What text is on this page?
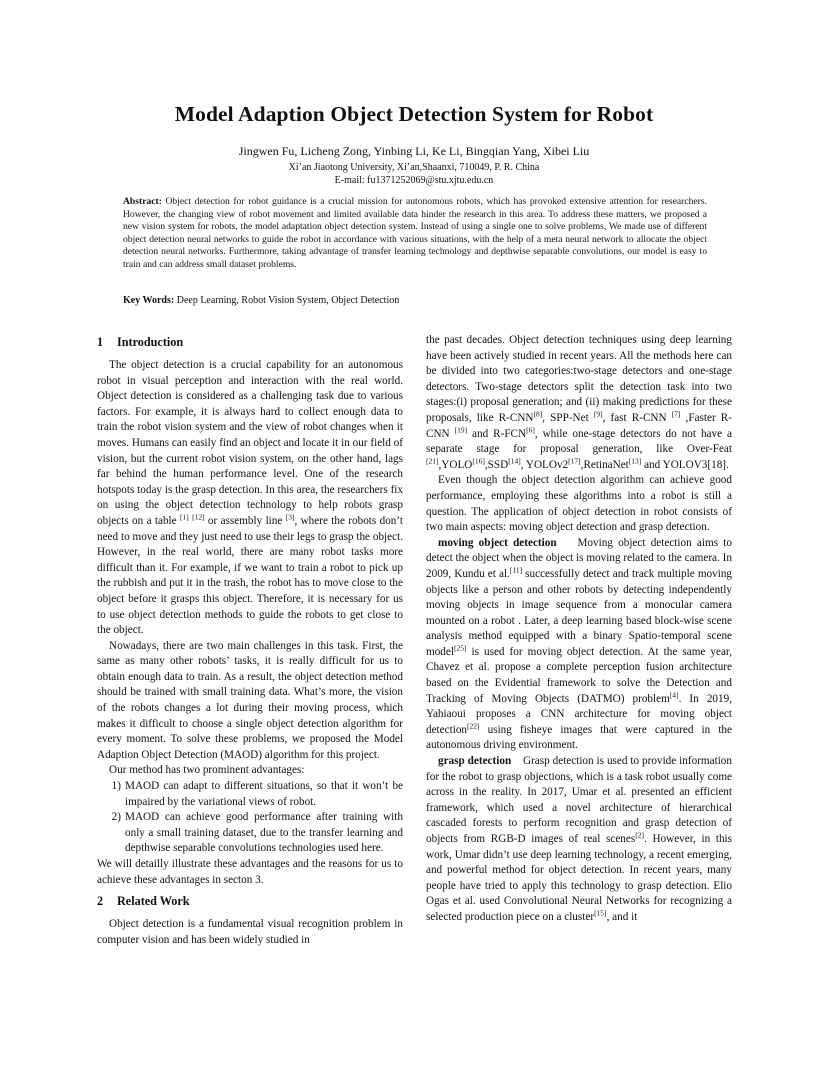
Model Adaption Object Detection System for Robot
Jingwen Fu, Licheng Zong, Yinbing Li, Ke Li, Bingqian Yang, Xibei Liu
Xi’an Jiaotong University, Xi’an,Shaanxi, 710049, P. R. China
E-mail: fu1371252069@stu.xjtu.edu.cn
Abstract: Object detection for robot guidance is a crucial mission for autonomous robots, which has provoked extensive attention for researchers. However, the changing view of robot movement and limited available data hinder the research in this area. To address these matters, we proposed a new vision system for robots, the model adaptation object detection system. Instead of using a single one to solve problems, We made use of different object detection neural networks to guide the robot in accordance with various situations, with the help of a meta neural network to allocate the object detection neural networks. Furthermore, taking advantage of transfer learning technology and depthwise separable convolutions, our model is easy to train and can address small dataset problems.
Key Words: Deep Learning, Robot Vision System, Object Detection
1 Introduction

The object detection is a crucial capability for an autonomous robot in visual perception and interaction with the real world. Object detection is considered as a challenging task due to various factors. For example, it is always hard to collect enough data to train the robot vision system and the view of robot changes when it moves. Humans can easily find an object and locate it in our field of vision, but the current robot vision system, on the other hand, lags far behind the human performance level. One of the research hotspots today is the grasp detection. In this area, the researchers fix on using the object detection technology to help robots grasp objects on a table [1] [12] or assembly line [3], where the robots don’t need to move and they just need to use their legs to grasp the object. However, in the real world, there are many robot tasks more difficult than it. For example, if we want to train a robot to pick up the rubbish and put it in the trash, the robot has to move close to the object before it grasps this object. Therefore, it is necessary for us to use object detection methods to guide the robots to get close to the object.

Nowadays, there are two main challenges in this task. First, the same as many other robots’ tasks, it is really difficult for us to obtain enough data to train. As a result, the object detection method should be trained with small training data. What’s more, the vision of the robots changes a lot during their moving process, which makes it difficult to choose a single object detection algorithm for every moment. To solve these problems, we proposed the Model Adaption Object Detection (MAOD) algorithm for this project.

Our method has two prominent advantages:

1) MAOD can adapt to different situations, so that it won’t be impaired by the variational views of robot.
2) MAOD can achieve good performance after training with only a small training dataset, due to the transfer learning and depthwise separable convolutions technologies used here.

We will detailly illustrate these advantages and the reasons for us to achieve these advantages in secton 3.

2 Related Work

Object detection is a fundamental visual recognition problem in computer vision and has been widely studied in

the past decades. Object detection techniques using deep learning have been actively studied in recent years. All the methods here can be divided into two categories:two-stage detectors and one-stage detectors. Two-stage detectors split the detection task into two stages:(i) proposal generation; and (ii) making predictions for these proposals, like R-CNN[8], SPP-Net [9], fast R-CNN [7] ,Faster R-CNN [19] and R-FCN[6], while one-stage detectors do not have a separate stage for proposal generation, like Over-Feat [21],YOLO[16],SSD[14], YOLOv2[17],RetinaNet[13] and YOLOV3[18].

Even though the object detection algorithm can achieve good performance, employing these algorithms into a robot is still a question. The application of object detection in robot consists of two main aspects: moving object detection and grasp detection.

moving object detection Moving object detection aims to detect the object when the object is moving related to the camera. In 2009, Kundu et al.[11] successfully detect and track multiple moving objects like a person and other robots by detecting independently moving objects in image sequence from a monocular camera mounted on a robot . Later, a deep learning based block-wise scene analysis method equipped with a binary Spatio-temporal scene model[25] is used for moving object detection. At the same year, Chavez et al. propose a complete perception fusion architecture based on the Evidential framework to solve the Detection and Tracking of Moving Objects (DATMO) problem[4]. In 2019, Yahiaoui proposes a CNN architecture for moving object detection[22] using fisheye images that were captured in the autonomous driving environment.

grasp detection Grasp detection is used to provide information for the robot to grasp objections, which is a task robot usually come across in the reality. In 2017, Umar et al. presented an efficient framework, which used a novel architecture of hierarchical cascaded forests to perform recognition and grasp detection of objects from RGB-D images of real scenes[2]. However, in this work, Umar didn’t use deep learning technology, a recent emerging, and powerful method for object detection. In recent years, many people have tried to apply this technology to grasp detection. Elio Ogas et al. used Convolutional Neural Networks for recognizing a selected production piece on a cluster[15], and it
